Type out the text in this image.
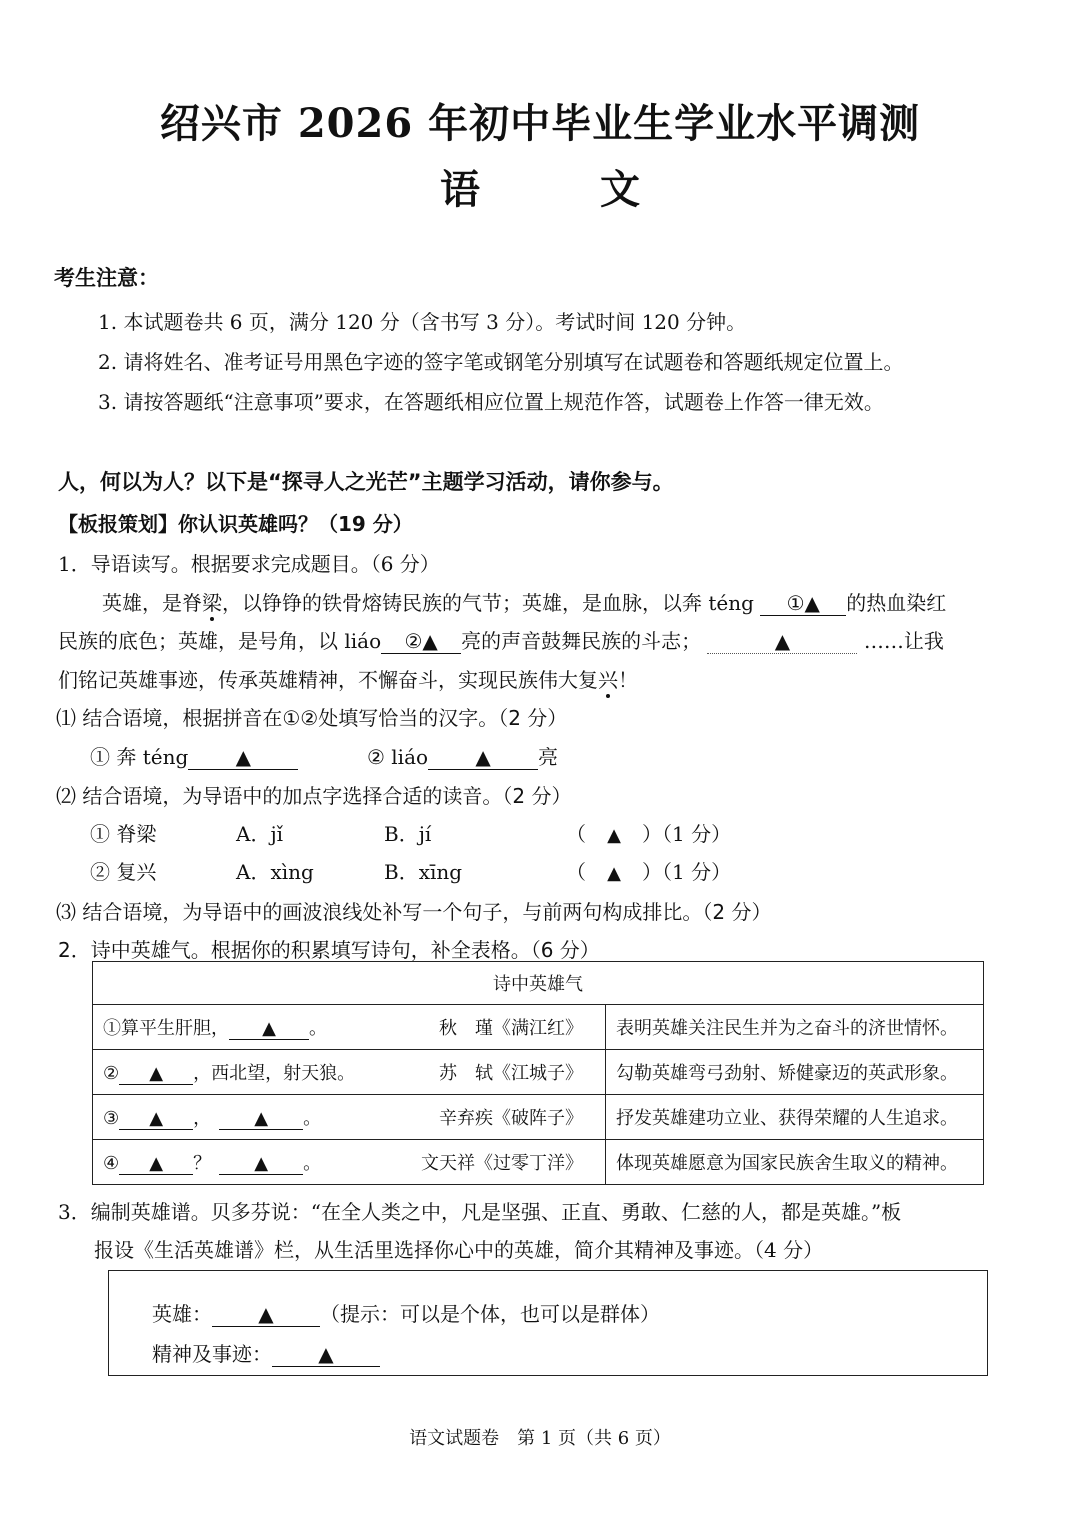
绍兴市 2026 年初中毕业生学业水平调测
语文
考生注意：
1. 本试题卷共 6 页，满分 120 分（含书写 3 分）。考试时间 120 分钟。
2. 请将姓名、准考证号用黑色字迹的签字笔或钢笔分别填写在试题卷和答题纸规定位置上。
3. 请按答题纸“注意事项”要求，在答题纸相应位置上规范作答，试题卷上作答一律无效。
人，何以为人？以下是“探寻人之光芒”主题学习活动，请你参与。
【板报策划】你认识英雄吗？（19 分）
1．导语读写。根据要求完成题目。（6 分）
英雄，是脊梁，以铮铮的铁骨熔铸民族的气节；英雄，是血脉，以奔 téng ①▲ 的热血染红
民族的底色；英雄，是号角，以 liáo ②▲ 亮的声音鼓舞民族的斗志；	▲	……让我
们铭记英雄事迹，传承英雄精神，不懈奋斗，实现民族伟大复兴！
⑴ 结合语境，根据拼音在①②处填写恰当的汉字。（2 分）
① 奔 téng ▲	② liáo ▲ 亮
⑵ 结合语境，为导语中的加点字选择合适的读音。（2 分）
① 脊梁	A．jǐ	B．jí	（ ▲ ）（1 分）
② 复兴	A．xìng	B．xīng	（ ▲ ）（1 分）
⑶ 结合语境，为导语中的画波浪线处补写一个句子，与前两句构成排比。（2 分）
2．诗中英雄气。根据你的积累填写诗句，补全表格。（6 分）
诗中英雄气		
①算平生肝胆， ▲ 。	秋　瑾《满江红》	表明英雄关注民生并为之奋斗的济世情怀。
② ▲ ，西北望，射天狼。	苏　轼《江城子》	勾勒英雄弯弓劲射、矫健豪迈的英武形象。
③ ▲ ， ▲ 。	辛弃疾《破阵子》	抒发英雄建功立业、获得荣耀的人生追求。
④ ▲ ？ ▲ 。	文天祥《过零丁洋》	体现英雄愿意为国家民族舍生取义的精神。
3．编制英雄谱。贝多芬说：“在全人类之中，凡是坚强、正直、勇敢、仁慈的人，都是英雄。”板
报设《生活英雄谱》栏，从生活里选择你心中的英雄，简介其精神及事迹。（4 分）
英雄： ▲ （提示：可以是个体，也可以是群体）
精神及事迹： ▲
语文试题卷　第 1 页（共 6 页）
